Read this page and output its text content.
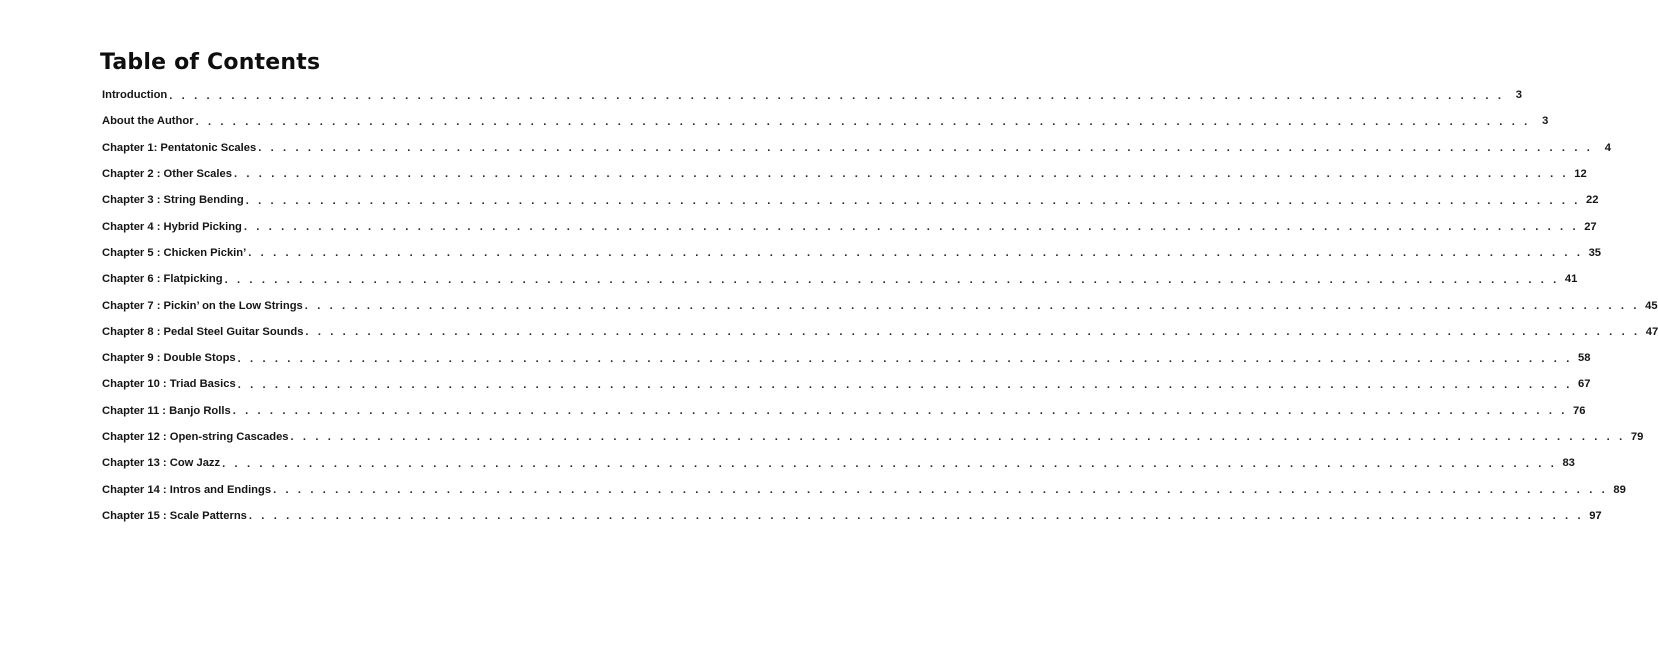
Table of Contents
Introduction . . . . . . . . . . . . . . . . . . . . . . . . . . . . . . . . . . . . . . . . . . . . . . . . . . . . . . . . . . . . . . . . . . . . . . . . . . . . . . . . . . . . . . . . . . . . . . . . . . . . . . . . . . . .	3
About the Author . . . . . . . . . . . . . . . . . . . . . . . . . . . . . . . . . . . . . . . . . . . . . . . . . . . . . . . . . . . . . . . . . . . . . . . . . . . . . . . . . . . . . . . . . . . . . . . . . . . . . . . . . . . .	3
Chapter 1: Pentatonic Scales . . . . . . . . . . . . . . . . . . . . . . . . . . . . . . . . . . . . . . . . . . . . . . . . . . . . . . . . . . . . . . . . . . . . . . . . . . . . . . . . . . . . . . . . . . . . . . . . . . . . . . . . . . . .	4
Chapter 2 : Other Scales . . . . . . . . . . . . . . . . . . . . . . . . . . . . . . . . . . . . . . . . . . . . . . . . . . . . . . . . . . . . . . . . . . . . . . . . . . . . . . . . . . . . . . . . . . . . . . . . . . . . . . . . . . . . 12
Chapter 3 : String Bending . . . . . . . . . . . . . . . . . . . . . . . . . . . . . . . . . . . . . . . . . . . . . . . . . . . . . . . . . . . . . . . . . . . . . . . . . . . . . . . . . . . . . . . . . . . . . . . . . . . . . . . . . . . . 22
Chapter 4 : Hybrid Picking . . . . . . . . . . . . . . . . . . . . . . . . . . . . . . . . . . . . . . . . . . . . . . . . . . . . . . . . . . . . . . . . . . . . . . . . . . . . . . . . . . . . . . . . . . . . . . . . . . . . . . . . . . . . 27
Chapter 5 : Chicken Pickin’ . . . . . . . . . . . . . . . . . . . . . . . . . . . . . . . . . . . . . . . . . . . . . . . . . . . . . . . . . . . . . . . . . . . . . . . . . . . . . . . . . . . . . . . . . . . . . . . . . . . . . . . . . . . . 35
Chapter 6 : Flatpicking . . . . . . . . . . . . . . . . . . . . . . . . . . . . . . . . . . . . . . . . . . . . . . . . . . . . . . . . . . . . . . . . . . . . . . . . . . . . . . . . . . . . . . . . . . . . . . . . . . . . . . . . . . . . 41
Chapter 7 : Pickin’ on the Low Strings . . . . . . . . . . . . . . . . . . . . . . . . . . . . . . . . . . . . . . . . . . . . . . . . . . . . . . . . . . . . . . . . . . . . . . . . . . . . . . . . . . . . . . . . . . . . . . . . . . . . . . . . . . . . 45
Chapter 8 : Pedal Steel Guitar Sounds . . . . . . . . . . . . . . . . . . . . . . . . . . . . . . . . . . . . . . . . . . . . . . . . . . . . . . . . . . . . . . . . . . . . . . . . . . . . . . . . . . . . . . . . . . . . . . . . . . . . . . . . . . . . 47
Chapter 9 : Double Stops . . . . . . . . . . . . . . . . . . . . . . . . . . . . . . . . . . . . . . . . . . . . . . . . . . . . . . . . . . . . . . . . . . . . . . . . . . . . . . . . . . . . . . . . . . . . . . . . . . . . . . . . . . . . 58
Chapter 10 : Triad Basics . . . . . . . . . . . . . . . . . . . . . . . . . . . . . . . . . . . . . . . . . . . . . . . . . . . . . . . . . . . . . . . . . . . . . . . . . . . . . . . . . . . . . . . . . . . . . . . . . . . . . . . . . . . . 67
Chapter 11 : Banjo Rolls . . . . . . . . . . . . . . . . . . . . . . . . . . . . . . . . . . . . . . . . . . . . . . . . . . . . . . . . . . . . . . . . . . . . . . . . . . . . . . . . . . . . . . . . . . . . . . . . . . . . . . . . . . . . 76
Chapter 12 : Open-string Cascades . . . . . . . . . . . . . . . . . . . . . . . . . . . . . . . . . . . . . . . . . . . . . . . . . . . . . . . . . . . . . . . . . . . . . . . . . . . . . . . . . . . . . . . . . . . . . . . . . . . . . . . . . . . . 79
Chapter 13 : Cow Jazz . . . . . . . . . . . . . . . . . . . . . . . . . . . . . . . . . . . . . . . . . . . . . . . . . . . . . . . . . . . . . . . . . . . . . . . . . . . . . . . . . . . . . . . . . . . . . . . . . . . . . . . . . . . . 83
Chapter 14 : Intros and Endings . . . . . . . . . . . . . . . . . . . . . . . . . . . . . . . . . . . . . . . . . . . . . . . . . . . . . . . . . . . . . . . . . . . . . . . . . . . . . . . . . . . . . . . . . . . . . . . . . . . . . . . . . . . . 89
Chapter 15 : Scale Patterns . . . . . . . . . . . . . . . . . . . . . . . . . . . . . . . . . . . . . . . . . . . . . . . . . . . . . . . . . . . . . . . . . . . . . . . . . . . . . . . . . . . . . . . . . . . . . . . . . . . . . . . . . . . . 97
